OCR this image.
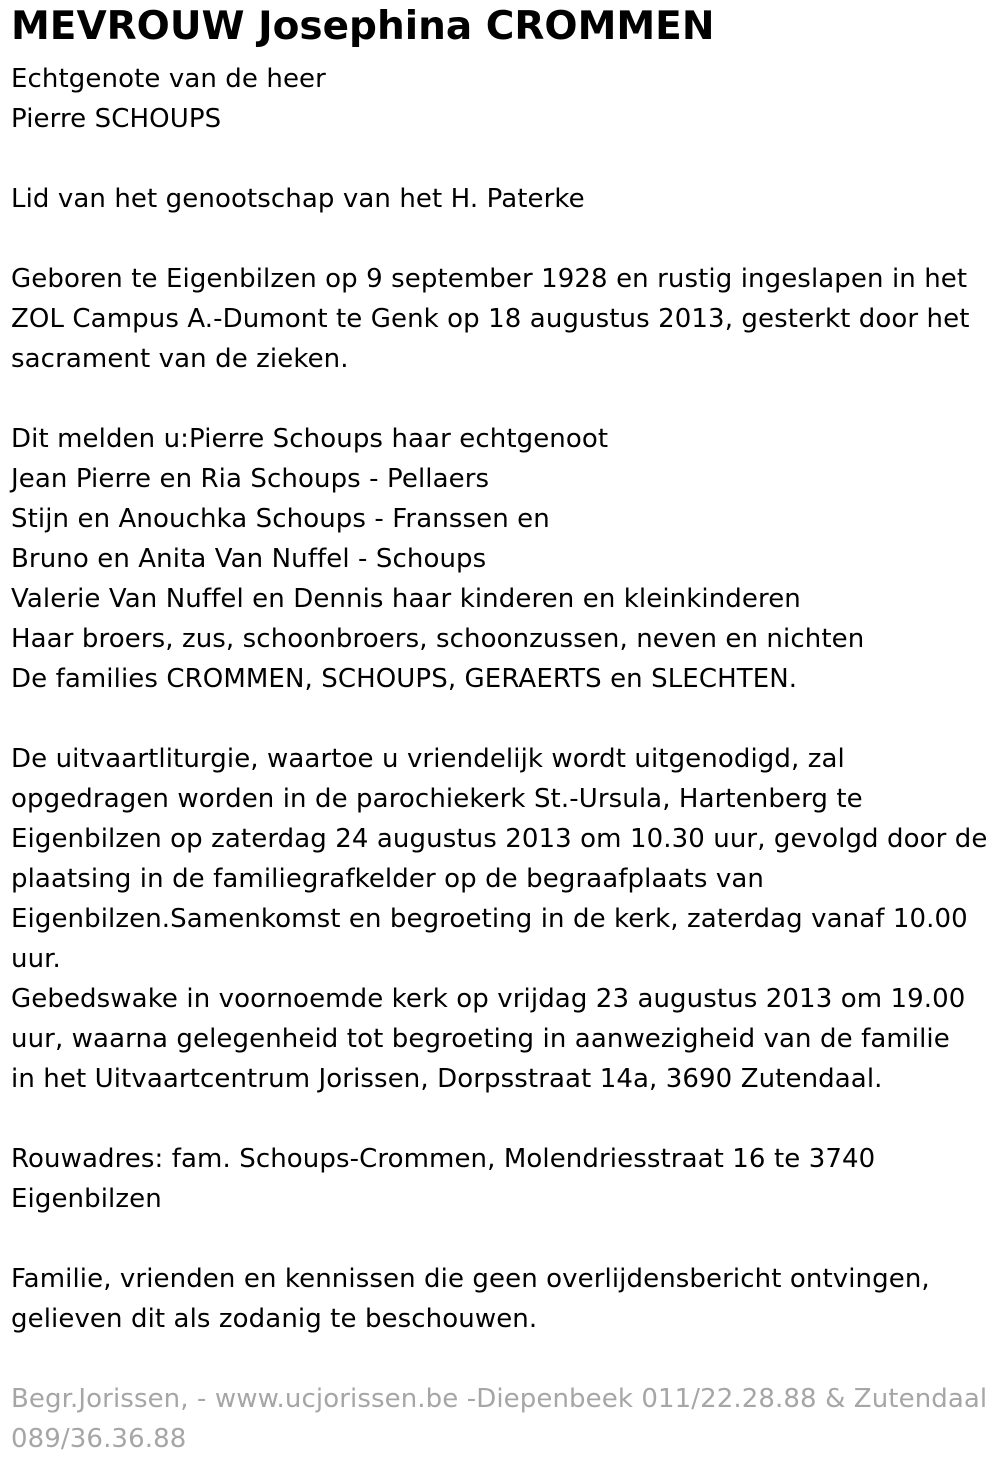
MEVROUW Josephina CROMMEN
Echtgenote van de heer
Pierre SCHOUPS
Lid van het genootschap van het H. Paterke
Geboren te Eigenbilzen op 9 september 1928 en rustig ingeslapen in het
ZOL Campus A.-Dumont te Genk op 18 augustus 2013, gesterkt door het
sacrament van de zieken.
Dit melden u:Pierre Schoups haar echtgenoot
Jean Pierre en Ria Schoups - Pellaers
Stijn en Anouchka Schoups - Franssen en
Bruno en Anita Van Nuffel - Schoups
Valerie Van Nuffel en Dennis haar kinderen en kleinkinderen
Haar broers, zus, schoonbroers, schoonzussen, neven en nichten
De families CROMMEN, SCHOUPS, GERAERTS en SLECHTEN.
De uitvaartliturgie, waartoe u vriendelijk wordt uitgenodigd, zal
opgedragen worden in de parochiekerk St.-Ursula, Hartenberg te
Eigenbilzen op zaterdag 24 augustus 2013 om 10.30 uur, gevolgd door de
plaatsing in de familiegrafkelder op de begraafplaats van
Eigenbilzen.Samenkomst en begroeting in de kerk, zaterdag vanaf 10.00
uur.
Gebedswake in voornoemde kerk op vrijdag 23 augustus 2013 om 19.00
uur, waarna gelegenheid tot begroeting in aanwezigheid van de familie
in het Uitvaartcentrum Jorissen, Dorpsstraat 14a, 3690 Zutendaal.
Rouwadres: fam. Schoups-Crommen, Molendriesstraat 16 te 3740
Eigenbilzen
Familie, vrienden en kennissen die geen overlijdensbericht ontvingen,
gelieven dit als zodanig te beschouwen.
Begr.Jorissen, - www.ucjorissen.be -Diepenbeek 011/22.28.88 & Zutendaal
089/36.36.88
